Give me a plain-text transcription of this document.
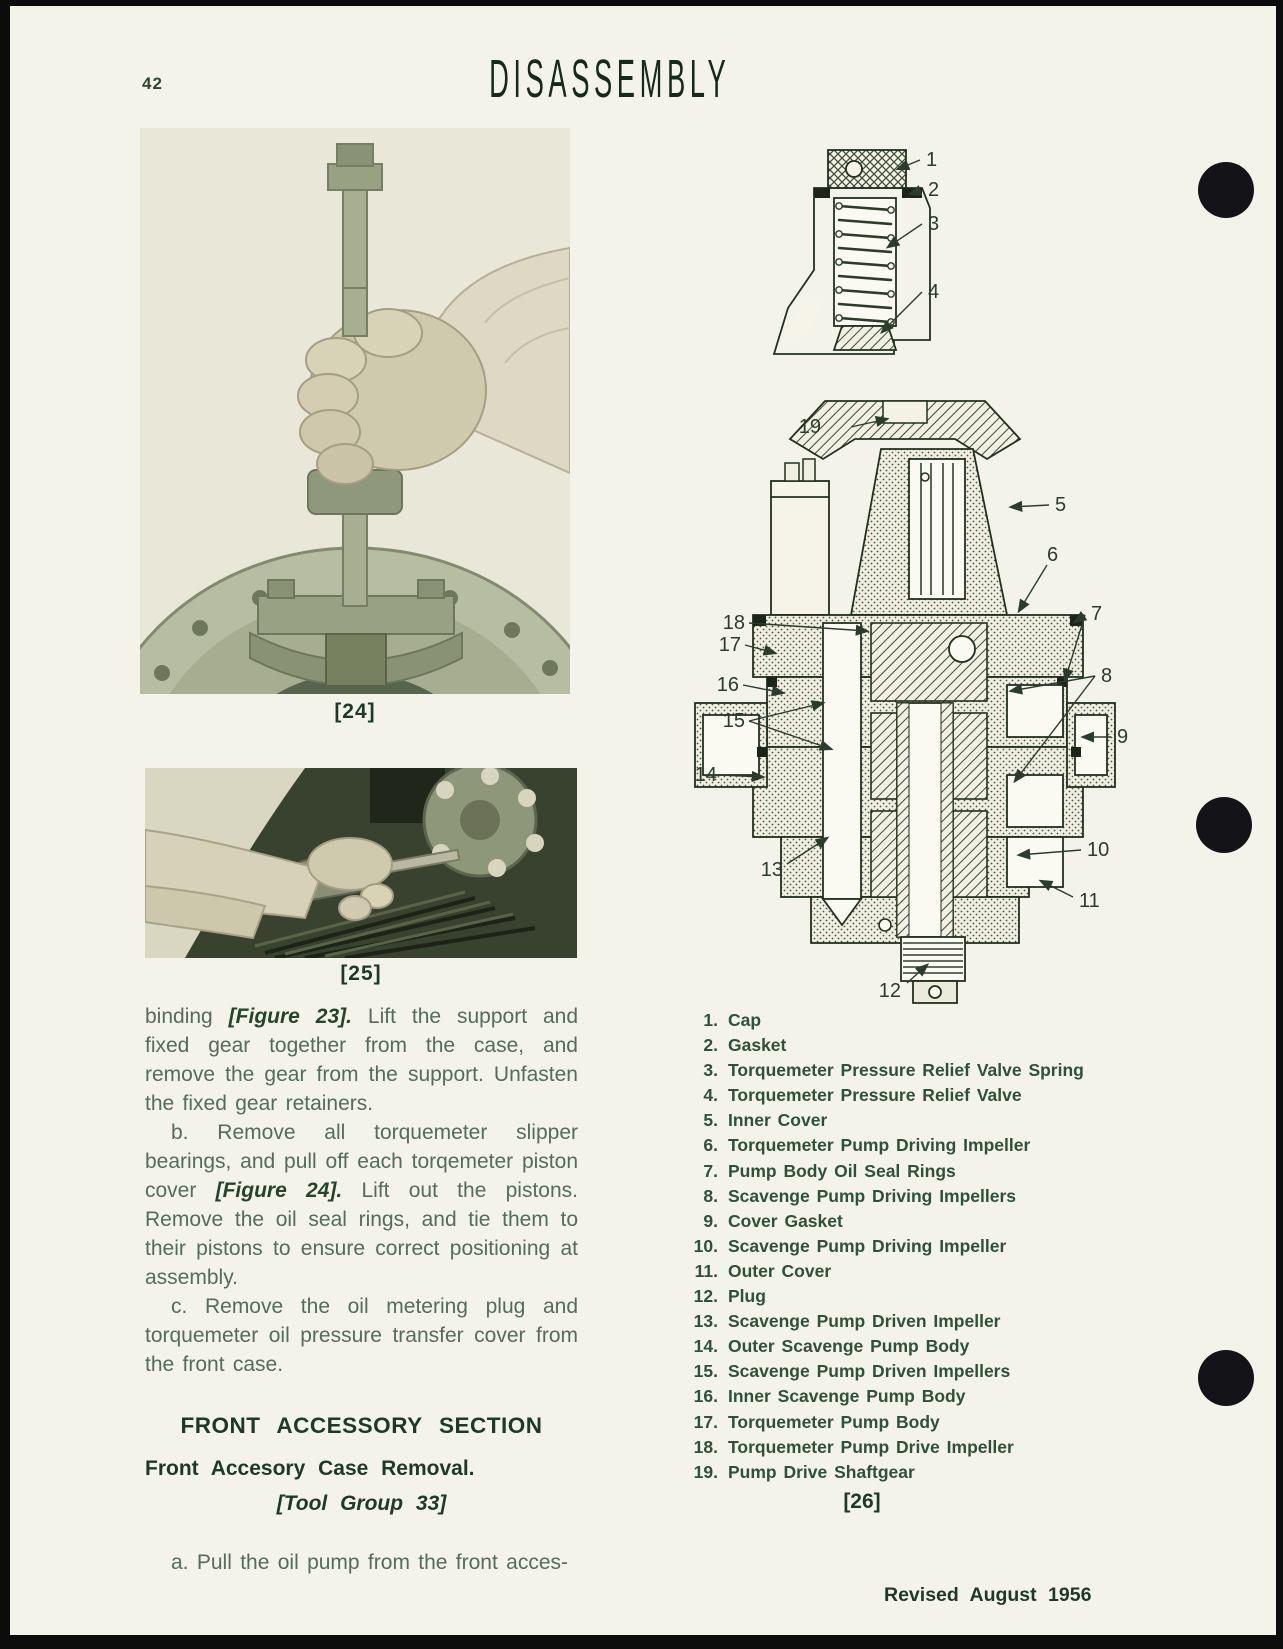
42	DISASSEMBLY
[24]
[25]
1
2
3
4
19
5
6
7
18
17
8
16
15
9
14
10
13
11
12

binding [Figure 23]. Lift the support and fixed gear together from the case, and remove the gear from the support. Unfasten the fixed gear retainers.

b. Remove all torquemeter slipper bearings, and pull off each torqemeter piston cover [Figure 24]. Lift out the pistons. Remove the oil seal rings, and tie them to their pistons to ensure correct positioning at assembly.

c. Remove the oil metering plug and torquemeter oil pressure transfer cover from the front case.

FRONT ACCESSORY SECTION

Front Accesory Case Removal.

[Tool Group 33]

a. Pull the oil pump from the front acces-

1. Cap
2. Gasket
3. Torquemeter Pressure Relief Valve Spring
4. Torquemeter Pressure Relief Valve
5. Inner Cover
6. Torquemeter Pump Driving Impeller
7. Pump Body Oil Seal Rings
8. Scavenge Pump Driving Impellers
9. Cover Gasket
10. Scavenge Pump Driving Impeller
11. Outer Cover
12. Plug
13. Scavenge Pump Driven Impeller
14. Outer Scavenge Pump Body
15. Scavenge Pump Driven Impellers
16. Inner Scavenge Pump Body
17. Torquemeter Pump Body
18. Torquemeter Pump Drive Impeller
19. Pump Drive Shaftgear
[26]
Revised August 1956
